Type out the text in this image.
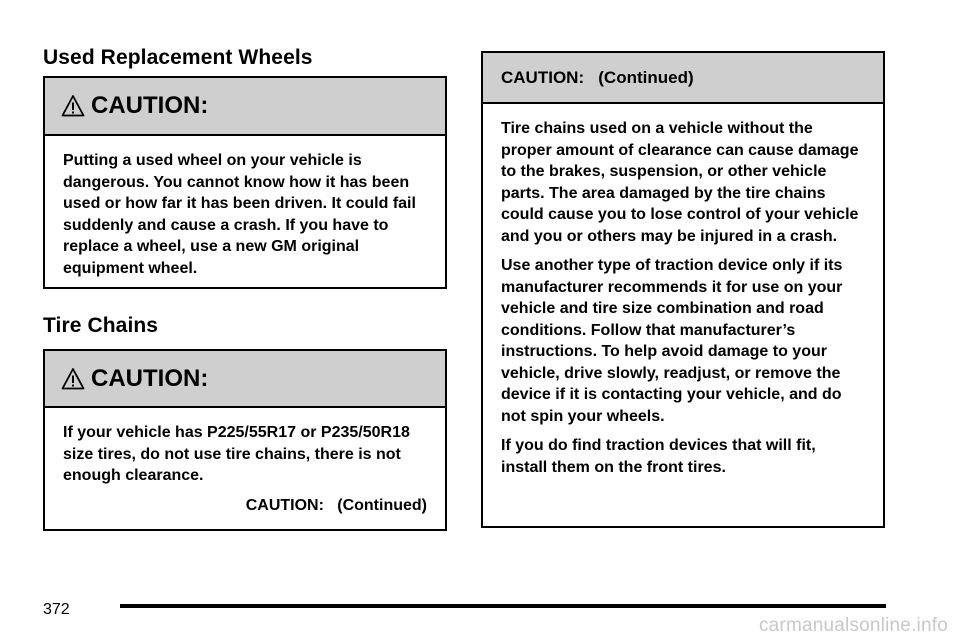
Used Replacement Wheels
CAUTION:

Putting a used wheel on your vehicle is dangerous. You cannot know how it has been used or how far it has been driven. It could fail suddenly and cause a crash. If you have to replace a wheel, use a new GM original equipment wheel.

Tire Chains
CAUTION:

If your vehicle has P225/55R17 or P235/50R18 size tires, do not use tire chains, there is not enough clearance.

CAUTION:   (Continued)
CAUTION:   (Continued)

Tire chains used on a vehicle without the proper amount of clearance can cause damage to the brakes, suspension, or other vehicle parts. The area damaged by the tire chains could cause you to lose control of your vehicle and you or others may be injured in a crash.

Use another type of traction device only if its manufacturer recommends it for use on your vehicle and tire size combination and road conditions. Follow that manufacturer’s instructions. To help avoid damage to your vehicle, drive slowly, readjust, or remove the device if it is contacting your vehicle, and do not spin your wheels.

If you do find traction devices that will fit, install them on the front tires.

372
carmanualsonline.info
